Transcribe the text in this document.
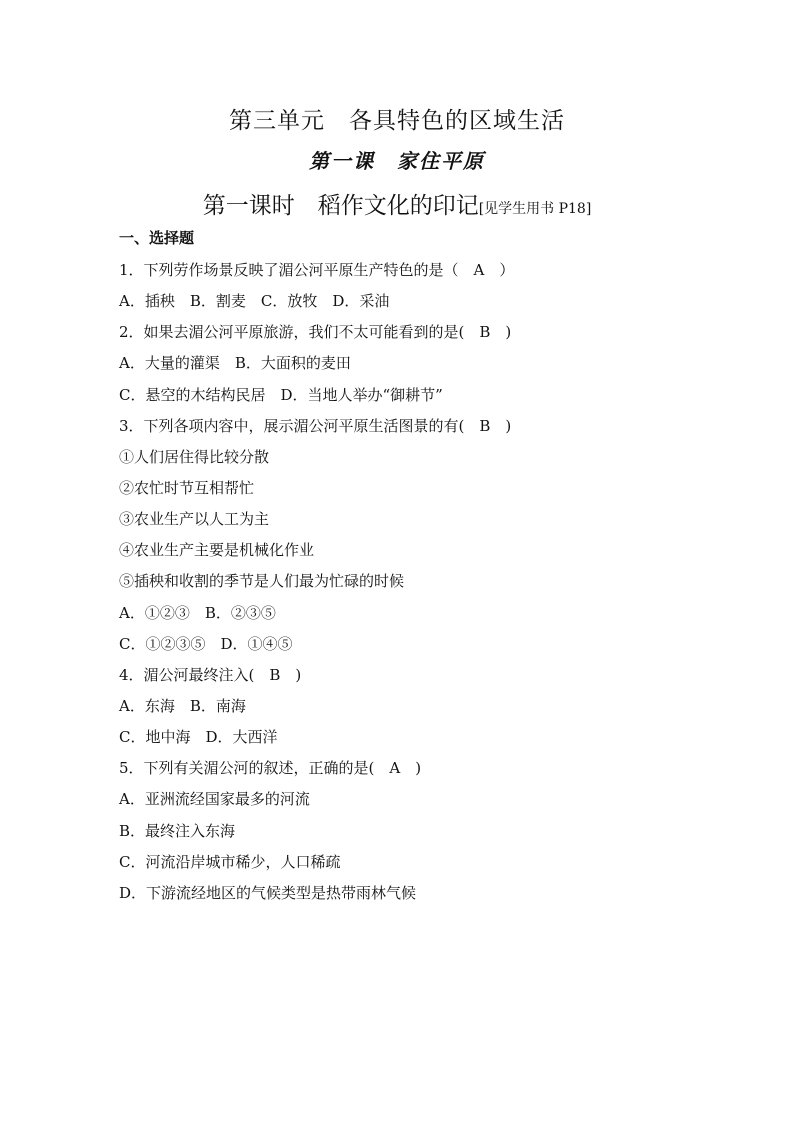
第三单元　各具特色的区域生活
第一课　家住平原
第一课时　稻作文化的印记[见学生用书 P18]
一、选择题
1．下列劳作场景反映了湄公河平原生产特色的是（　A　）
A．插秧　B．割麦　C．放牧　D．采油
2．如果去湄公河平原旅游，我们不太可能看到的是(　B　)
A．大量的灌渠　B．大面积的麦田
C．悬空的木结构民居　D．当地人举办“御耕节”
3．下列各项内容中，展示湄公河平原生活图景的有(　B　)
①人们居住得比较分散
②农忙时节互相帮忙
③农业生产以人工为主
④农业生产主要是机械化作业
⑤插秧和收割的季节是人们最为忙碌的时候
A．①②③　B．②③⑤
C．①②③⑤　D．①④⑤
4．湄公河最终注入(　B　)
A．东海　B．南海
C．地中海　D．大西洋
5．下列有关湄公河的叙述，正确的是(　A　)
A．亚洲流经国家最多的河流
B．最终注入东海
C．河流沿岸城市稀少，人口稀疏
D．下游流经地区的气候类型是热带雨林气候
